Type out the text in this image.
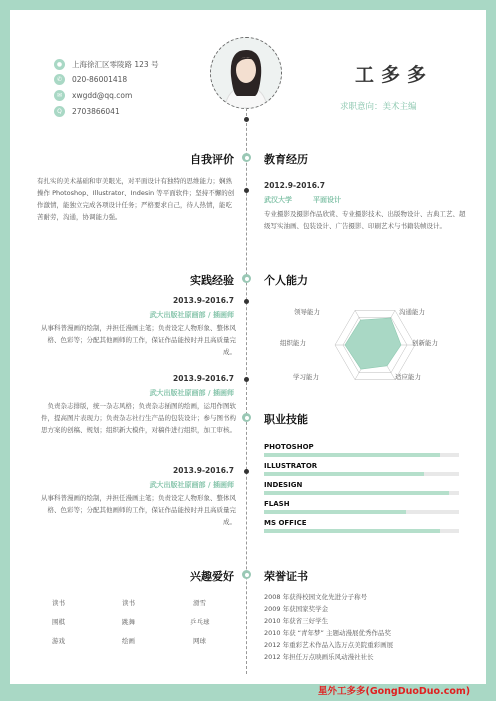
●	上海徐汇区零陵路 123 号
✆	020-86001418
✉	xwgdd@qq.com
Q	2703866041
工多多
求职意向：美术主编
自我评价
有扎实的美术基础和审美眼光，对平面设计有独特的思维能力；娴熟操作 Photoshop、Illustrator、Indesin 等平面软件；坚持不懈的创作激情，能独立完成各项设计任务；严格要求自己，待人热情，能吃苦耐劳，沟通，协调能力强。
教育经历
2012.9-2016.7
武汉大学	平面设计
专业摄影及摄影作品欣赏、专业摄影技术、出版物设计、古典工艺、超级写实油画、包装设计、广告摄影、印刷艺术与书籍装帧设计。
实践经验
2013.9-2016.7
武大出版社原画部 / 插画师
从事科普漫画的绘制，并担任漫画主笔；负责设定人物形象、整体风格、色彩等；分配其他画师的工作，保证作品能按时并且高质量完成。
2013.9-2016.7
武大出版社原画部 / 插画师
负责杂志排版，统一杂志风格；负责杂志插图的绘画，运用作图软件，提高图片表现力；负责杂志社行生产品的包装设计；参与图书构思方案的创稿、规划；组织新大模件，对稿件进行组织，加工审核。
2013.9-2016.7
武大出版社原画部 / 插画师
从事科普漫画的绘制，并担任漫画主笔；负责设定人物形象、整体风格、色彩等；分配其他画师的工作，保证作品能按时并且高质量完成。
个人能力
领导能力	沟通能力
创新能力
适应能力
学习能力
组织能力
职业技能
PHOTOSHOP
ILLUSTRATOR
INDESIGN
FLASH
MS OFFICE
兴趣爱好
读书	读书	滑雪
围棋	跳舞	乒乓球
游戏	绘画	网球
荣誉证书
2008 年获得校园文化先进分子称号
2009 年获国家奖学金
2010 年获省三好学生
2010 年获 “青年梦” 主题动漫展优秀作品奖
2012 年重彩艺术作品入选万点美院重彩画展
2012 年担任万点映画乐风动漫社社长
星外工多多(GongDuoDuo.com)
